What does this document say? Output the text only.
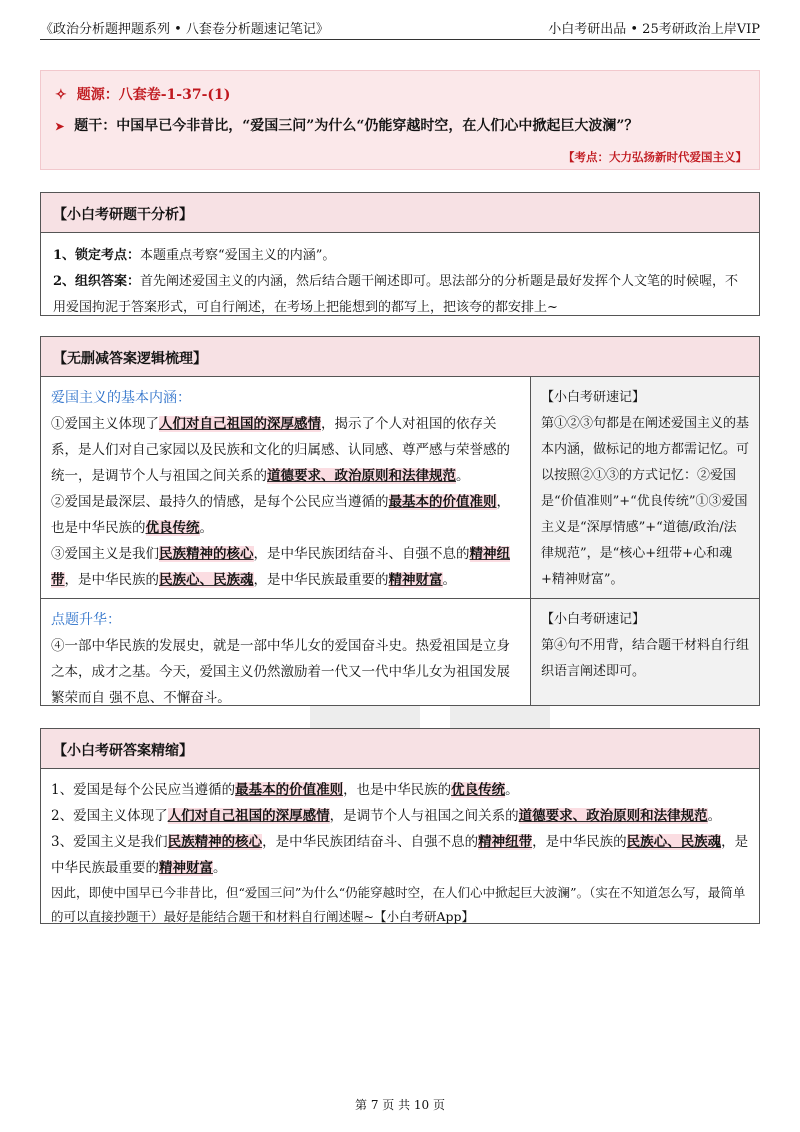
《政治分析题押题系列 • 八套卷分析题速记笔记》	小白考研出品 • 25考研政治上岸VIP
✧ 题源：八套卷-1-37-(1)
➤ 题干：中国早已今非昔比，“爱国三问”为什么“仍能穿越时空，在人们心中掀起巨大波澜”？
【考点：大力弘扬新时代爱国主义】
【小白考研题干分析】
1、锁定考点：本题重点考察“爱国主义的内涵”。
2、组织答案：首先阐述爱国主义的内涵，然后结合题干阐述即可。思法部分的分析题是最好发挥个人文笔的时候喔，不用爱国拘泥于答案形式，可自行阐述，在考场上把能想到的都写上，把该夸的都安排上~
【无删减答案逻辑梳理】
爱国主义的基本内涵：
①爱国主义体现了人们对自己祖国的深厚感情，揭示了个人对祖国的依存关系，是人们对自己家园以及民族和文化的归属感、认同感、尊严感与荣誉感的统一，是调节个人与祖国之间关系的道德要求、政治原则和法律规范。
②爱国是最深层、最持久的情感，是每个公民应当遵循的最基本的价值准则，也是中华民族的优良传统。
③爱国主义是我们民族精神的核心，是中华民族团结奋斗、自强不息的精神纽带，是中华民族的民族心、民族魂，是中华民族最重要的精神财富。
【小白考研速记】
第①②③句都是在阐述爱国主义的基本内涵，做标记的地方都需记忆。可以按照②①③的方式记忆：②爱国是“价值准则”+“优良传统”①③爱国主义是“深厚情感”+“道德/政治/法律规范”，是“核心+纽带+心和魂+精神财富”。
点题升华：
④一部中华民族的发展史，就是一部中华儿女的爱国奋斗史。热爱祖国是立身之本，成才之基。今天，爱国主义仍然激励着一代又一代中华儿女为祖国发展繁荣而自 强不息、不懈奋斗。
【小白考研速记】
第④句不用背，结合题干材料自行组织语言阐述即可。
【小白考研答案精缩】
1、爱国是每个公民应当遵循的最基本的价值准则，也是中华民族的优良传统。
2、爱国主义体现了人们对自己祖国的深厚感情，是调节个人与祖国之间关系的道德要求、政治原则和法律规范。
3、爱国主义是我们民族精神的核心，是中华民族团结奋斗、自强不息的精神纽带，是中华民族的民族心、民族魂，是中华民族最重要的精神财富。
因此，即使中国早已今非昔比，但“爱国三问”为什么“仍能穿越时空，在人们心中掀起巨大波澜”。（实在不知道怎么写，最简单的可以直接抄题干）最好是能结合题干和材料自行阐述喔~【小白考研App】
第 7 页 共 10 页
